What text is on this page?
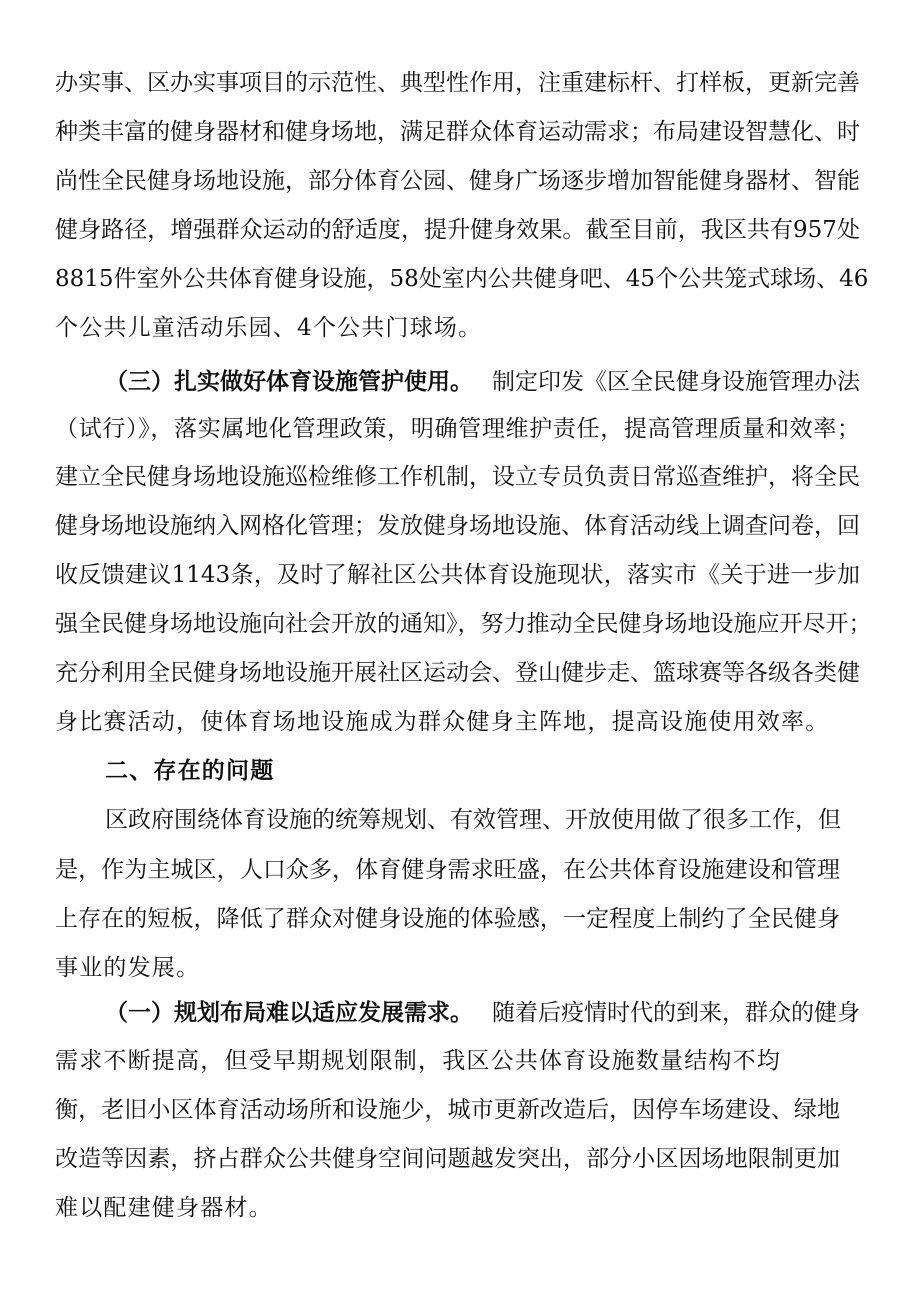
办实事、区办实事项目的示范性、典型性作用，注重建标杆、打样板，更新完善
种类丰富的健身器材和健身场地，满足群众体育运动需求；布局建设智慧化、时
尚性全民健身场地设施，部分体育公园、健身广场逐步增加智能健身器材、智能
健身路径，增强群众运动的舒适度，提升健身效果。截至目前，我区共有957处
8815件室外公共体育健身设施，58处室内公共健身吧、45个公共笼式球场、46
个公共儿童活动乐园、4个公共门球场。
（三）扎实做好体育设施管护使用。 制定印发《区全民健身设施管理办法
（试行）》，落实属地化管理政策，明确管理维护责任，提高管理质量和效率；
建立全民健身场地设施巡检维修工作机制，设立专员负责日常巡查维护，将全民
健身场地设施纳入网格化管理；发放健身场地设施、体育活动线上调查问卷，回
收反馈建议1143条，及时了解社区公共体育设施现状，落实市《关于进一步加
强全民健身场地设施向社会开放的通知》，努力推动全民健身场地设施应开尽开；
充分利用全民健身场地设施开展社区运动会、登山健步走、篮球赛等各级各类健
身比赛活动，使体育场地设施成为群众健身主阵地，提高设施使用效率。
二、存在的问题
区政府围绕体育设施的统筹规划、有效管理、开放使用做了很多工作，但
是，作为主城区，人口众多，体育健身需求旺盛，在公共体育设施建设和管理
上存在的短板，降低了群众对健身设施的体验感，一定程度上制约了全民健身
事业的发展。
（一）规划布局难以适应发展需求。 随着后疫情时代的到来，群众的健身
需求不断提高，但受早期规划限制，我区公共体育设施数量结构不均
衡，老旧小区体育活动场所和设施少，城市更新改造后，因停车场建设、绿地
改造等因素，挤占群众公共健身空间问题越发突出，部分小区因场地限制更加
难以配建健身器材。
